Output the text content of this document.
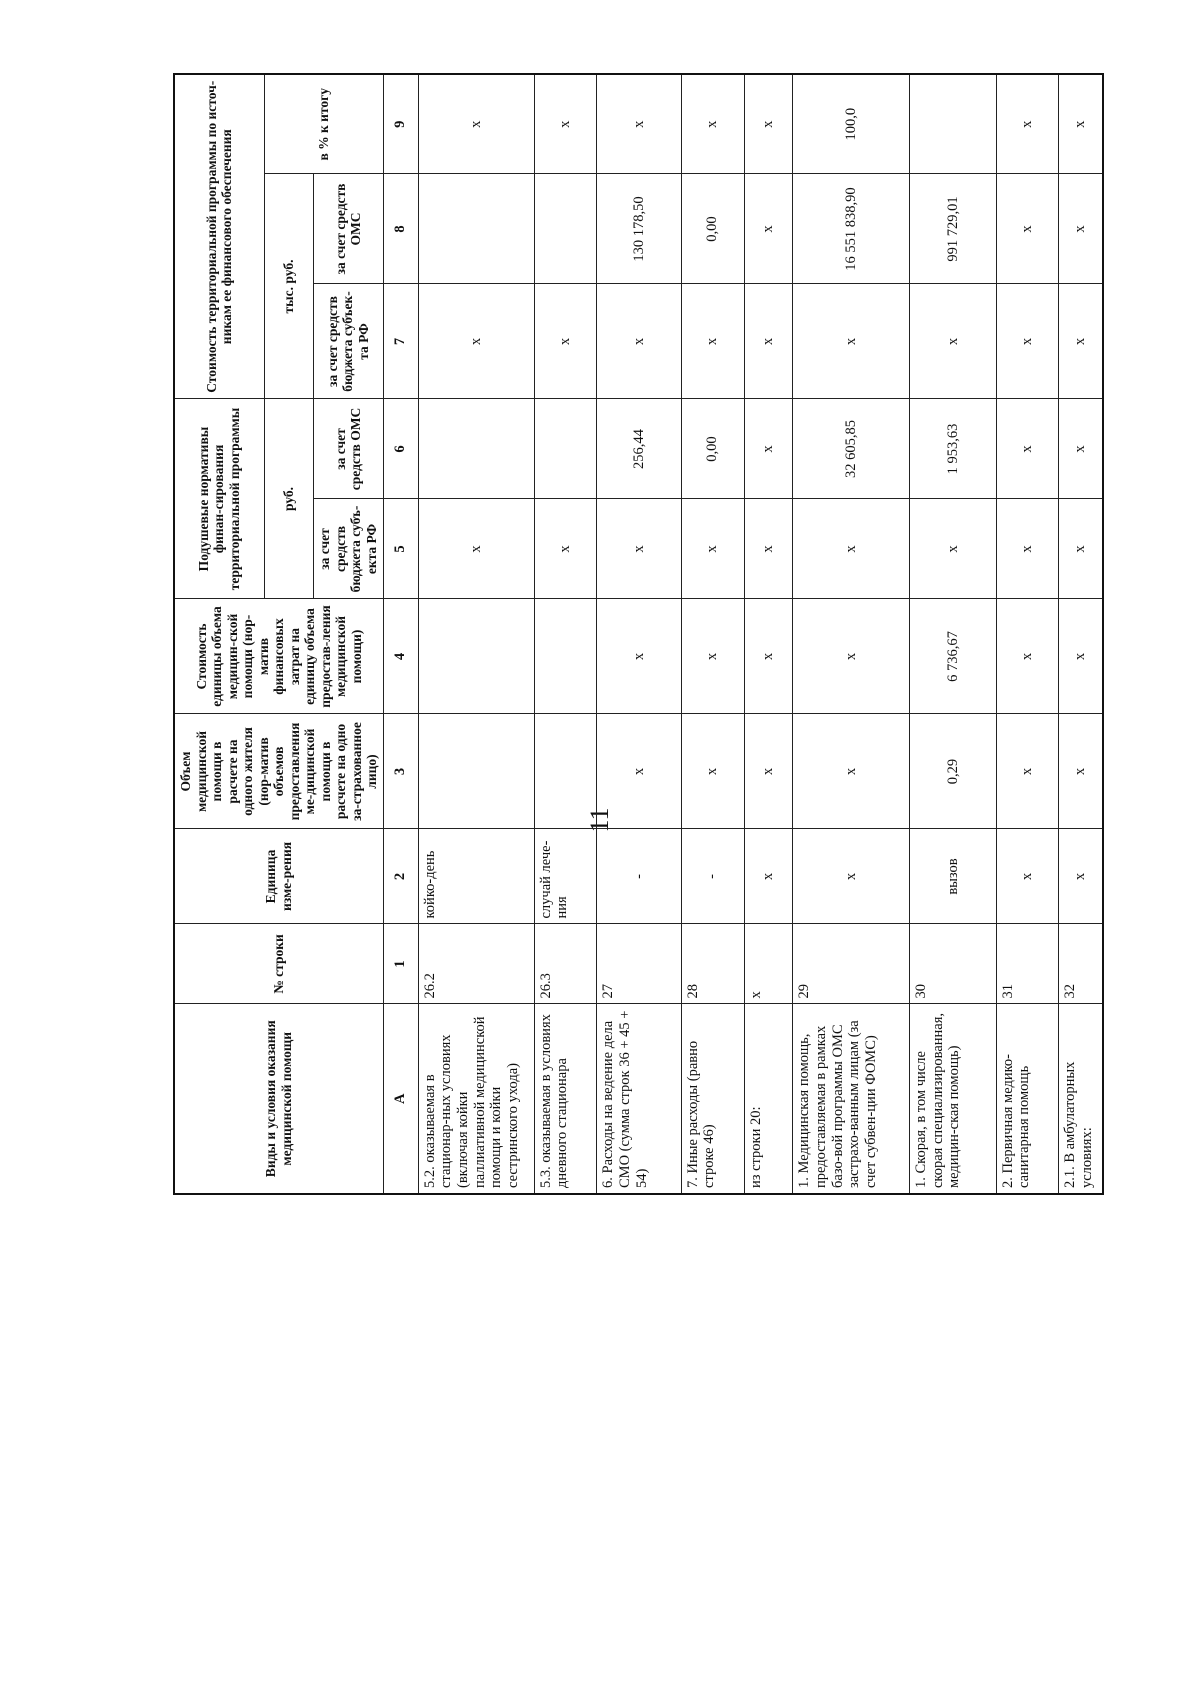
11
Виды и условия оказания медицинской помощи	№ строки	Единица изме-рения	Объем медицинской помощи в расчете на одного жителя (нор-матив объемов предоставления ме-дицинской помощи в расчете на одно за-страхованное лицо)	Стоимость единицы объема медицин-ской помощи (нор-матив финансовых затрат на единицу объема предостав-ления медицинской помощи)	Подушевые нормативы финан-сирования территориальной программы		Стоимость территориальной программы по источ-никам ее финансового обеспечения		
					руб.		тыс. руб.		в % к итогу
					за счет средств бюджета субъ-екта РФ	за счет средств ОМС	за счет средств бюджета субъек-та РФ	за счет средств ОМС	
А	1	2	3	4	5	6	7	8	9
5.2. оказываемая в стационар-ных условиях (включая койки паллиативной медицинской помощи и койки сестринского ухода)	26.2	койко-день			х		х		х
5.3. оказываемая в условиях дневного стационара	26.3	случай лече-ния			х		х		х
6. Расходы на ведение дела СМО (сумма строк 36 + 45 + 54)	27	-	х	х	х	256,44	х	130 178,50	х
7. Иные расходы (равно строке 46)	28	-	х	х	х	0,00	х	0,00	х
из строки 20:	х	х	х	х	х	х	х	х	х
1. Медицинская помощь, предоставляемая в рамках базо-вой программы ОМС застрахо-ванным лицам (за счет субвен-ции ФОМС)	29	х	х	х	х	32 605,85	х	16 551 838,90	100,0
1. Скорая, в том числе скорая специализированная, медицин-ская помощь)	30	вызов	0,29	6 736,67	х	1 953,63	х	991 729,01	
2. Первичная медико-санитарная помощь	31	х	х	х	х	х	х	х	х
2.1. В амбулаторных условиях:	32	х	х	х	х	х	х	х	х
